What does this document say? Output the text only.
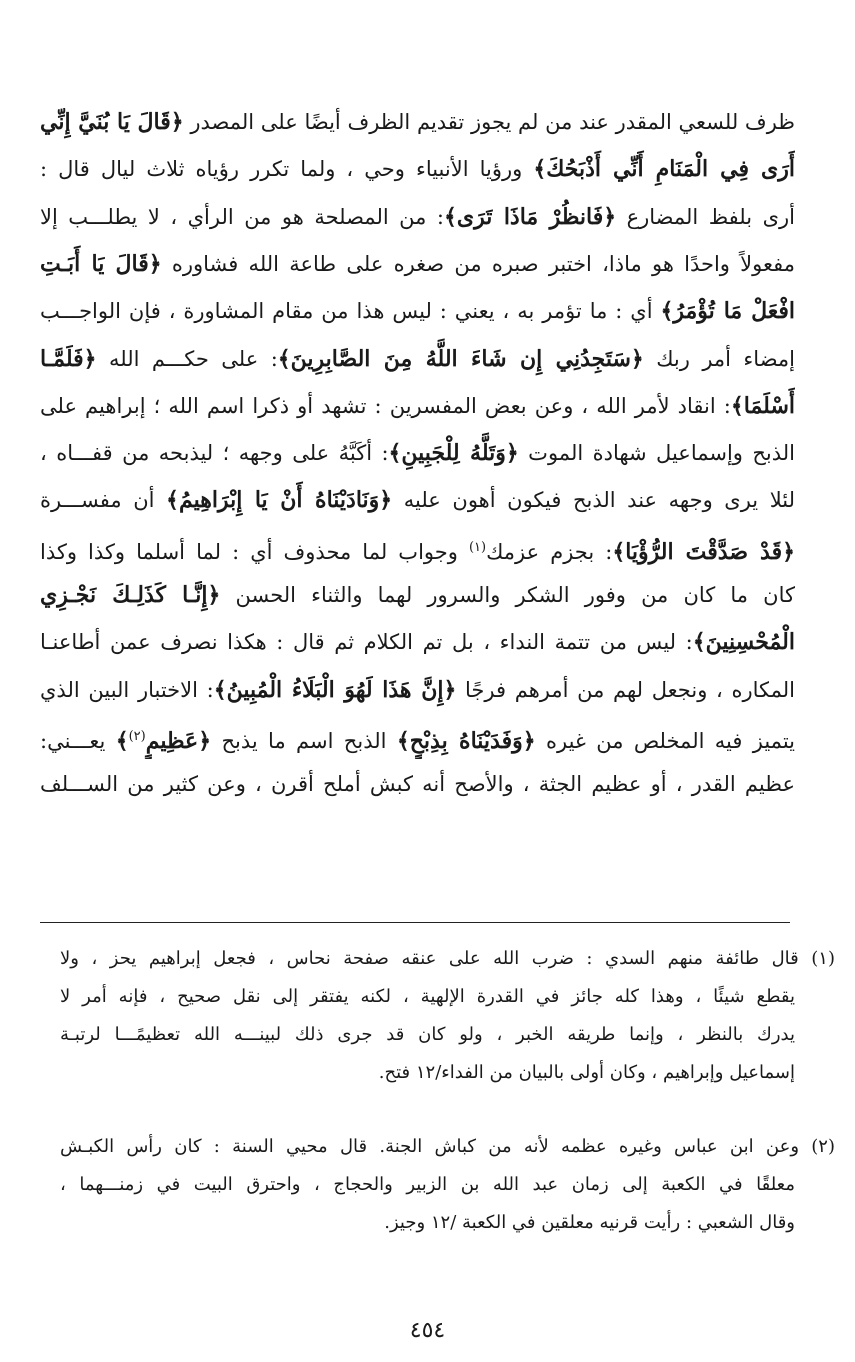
ظرف للسعي المقدر عند من لم يجوز تقديم الظرف أيضًا على المصدر ﴿قَالَ يَا بُنَيَّ إِنِّي
أَرَى فِي الْمَنَامِ أَنِّي أَذْبَحُكَ﴾ ورؤيا الأنبياء وحي ، ولما تكرر رؤياه ثلاث ليال قال :
أرى بلفظ المضارع ﴿فَانظُرْ مَاذَا تَرَى﴾: من المصلحة هو من الرأي ، لا يطلـــب إلا
مفعولاً واحدًا هو ماذا، اختبر صبره من صغره على طاعة الله فشاوره ﴿قَالَ يَا أَبَـتِ
افْعَلْ مَا تُؤْمَرُ﴾ أي : ما تؤمر به ، يعني : ليس هذا من مقام المشاورة ، فإن الواجـــب
إمضاء أمر ربك ﴿سَتَجِدُنِي إِن شَاءَ اللَّهُ مِنَ الصَّابِرِينَ﴾: على حكـــم الله ﴿فَلَمَّـا
أَسْلَمَا﴾: انقاد لأمر الله ، وعن بعض المفسرين : تشهد أو ذكرا اسم الله ؛ إبراهيم على
الذبح وإسماعيل شهادة الموت ﴿وَتَلَّهُ لِلْجَبِينِ﴾: أكَبَّهُ على وجهه ؛ ليذبحه من قفـــاه ،
لئلا يرى وجهه عند الذبح فيكون أهون عليه ﴿وَنَادَيْنَاهُ أَنْ يَا إِبْرَاهِيمُ﴾ أن مفســـرة
﴿قَدْ صَدَّقْتَ الرُّؤْيَا﴾: بجزم عزمك$^{(١)}$ وجواب لما محذوف أي : لما أسلما وكذا وكذا
كان ما كان من وفور الشكر والسرور لهما والثناء الحسن ﴿إِنَّـا كَذَلِـكَ نَجْـزِي
الْمُحْسِنِينَ﴾: ليس من تتمة النداء ، بل تم الكلام ثم قال : هكذا نصرف عمن أطاعنـا
المكاره ، ونجعل لهم من أمرهم فرجًا ﴿إِنَّ هَذَا لَهُوَ الْبَلَاءُ الْمُبِينُ﴾: الاختبار البين الذي
يتميز فيه المخلص من غيره ﴿وَفَدَيْنَاهُ بِذِبْحٍ﴾ الذبح اسم ما يذبح ﴿عَظِيمٍ$^{(٢)}$﴾ يعـــني:
عظيم القدر ، أو عظيم الجثة ، والأصح أنه كبش أملح أقرن ، وعن كثير من الســـلف
(١) قال طائفة منهم السدي : ضرب الله على عنقه صفحة نحاس ، فجعل إبراهيم يحز ، ولا
يقطع شيئًا ، وهذا كله جائز في القدرة الإلهية ، لكنه يفتقر إلى نقل صحيح ، فإنه أمر لا
يدرك بالنظر ، وإنما طريقه الخبر ، ولو كان قد جرى ذلك لبينـــه الله تعظيمًـــا لرتبـة
إسماعيل وإبراهيم ، وكان أولى بالبيان من الفداء/١٢ فتح.
(٢) وعن ابن عباس وغيره عظمه لأنه من كباش الجنة. قال محيي السنة : كان رأس الكبـش
معلقًا في الكعبة إلى زمان عبد الله بن الزبير والحجاج ، واحترق البيت في زمنـــهما ،
وقال الشعبي : رأيت قرنيه معلقين في الكعبة /١٢ وجيز.
٤٥٤
